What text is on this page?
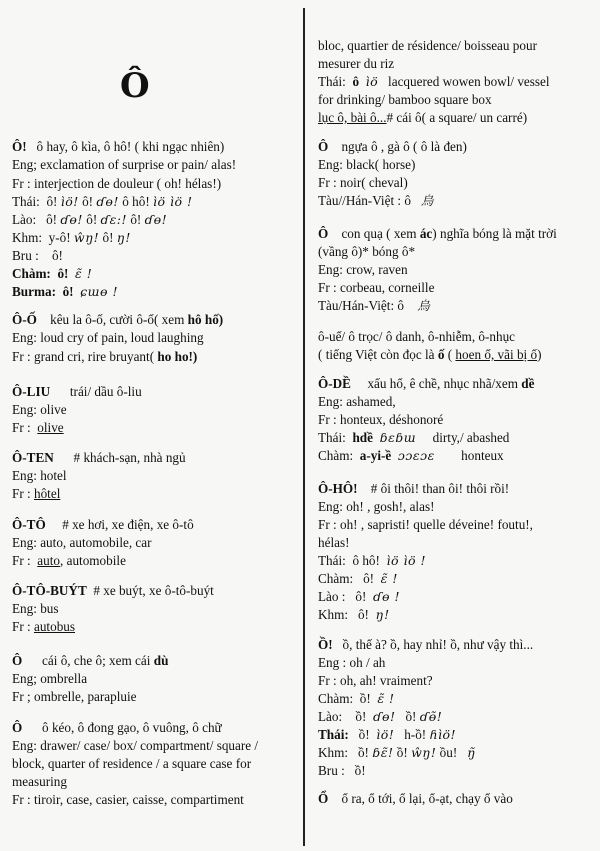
Ô
Ô! ô hay, ô kìa, ô hô! ( khi ngạc nhiên)
Eng; exclamation of surprise or pain/ alas!
Fr : interjection de douleur ( oh! hélas!)
Thái: ô! ìö! ô! ɗɵ! ô hô! ìö ìö !
Lào: ô! ɗɵ! ô! ɗɛ:! ô! ɗɵ!
Khm: y-ô! ŵŋ! ô! ŋ!
Bru : ô!
Chàm: ô! ɛ̃ !
Burma: ô! ɕɯɵ !
Ô-Ố kêu la ô-ố, cười ô-ố( xem hô hố)
Eng: loud cry of pain, loud laughing
Fr : grand cri, rire bruyant( ho ho!)
Ô-LIU trái/ dầu ô-liu
Eng: olive
Fr : olive
Ô-TEN # khách-sạn, nhà ngủ
Eng: hotel
Fr : hôtel
Ô-TÔ # xe hơi, xe điện, xe ô-tô
Eng: auto, automobile, car
Fr : auto, automobile
Ô-TÔ-BUÝT # xe buýt, xe ô-tô-buýt
Eng: bus
Fr : autobus
Ô cái ô, che ô; xem cái dù
Eng; ombrella
Fr ; ombrelle, parapluie
Ô ô kéo, ô đong gạo, ô vuông, ô chữ
Eng: drawer/ case/ box/ compartment/ square /
block, quarter of residence / a square case for
measuring
Fr : tiroir, case, casier, caisse, compartiment
bloc, quartier de résidence/ boisseau pour
mesurer du riz
Thái: ô ìö lacquered wowen bowl/ vessel
for drinking/ bamboo square box
lục ô, bài ô...# cái ô( a square/ un carré)
Ô ngựa ô , gà ô ( ô là đen)
Eng: black( horse)
Fr : noir( cheval)
Tàu//Hán-Việt : ô 烏
Ô con quạ ( xem ác) nghĩa bóng là mặt trời
(vầng ô)* bóng ô*
Eng: crow, raven
Fr : corbeau, corneille
Tàu/Hán-Việt: ô 烏
ô-uế/ ô trọc/ ô danh, ô-nhiễm, ô-nhục
( tiếng Việt còn đọc là ố ( hoen ố, vãi bị ố)
Ô-DỀ xấu hổ, ê chề, nhục nhã/xem dề
Eng: ashamed,
Fr : honteux, déshonoré
Thái: hdề ɓɛɓɯ dirty,/ abashed
Chàm: a-yi-ề ɔɔɛɔɛ honteux
Ô-HÔ! # ôi thôi! than ôi! thôi rồi!
Eng: oh! , gosh!, alas!
Fr : oh! , sapristi! quelle déveine! foutu!,
hélas!
Thái: ô hô! ìö ìö !
Chàm: ô! ɛ̃ !
Lào : ô! ɗɵ !
Khm: ô! ŋ!
Ồ! ồ, thế à? ồ, hay nhỉ! ồ, như vậy thì...
Eng : oh / ah
Fr : oh, ah! vraiment?
Chàm: ồ! ɛ̃ !
Lào: ồ! ɗɵ! ồ! ɗɵ̃!
Thái: ồ! ìö! h-ồ! ɦìö!
Khm: ồ! ɓɛ̃! ồ! ŵŋ! ồu! ŋ̃
Bru : ồ!
Ổ ổ ra, ổ tới, ổ lại, ổ-ạt, chạy ổ vào
